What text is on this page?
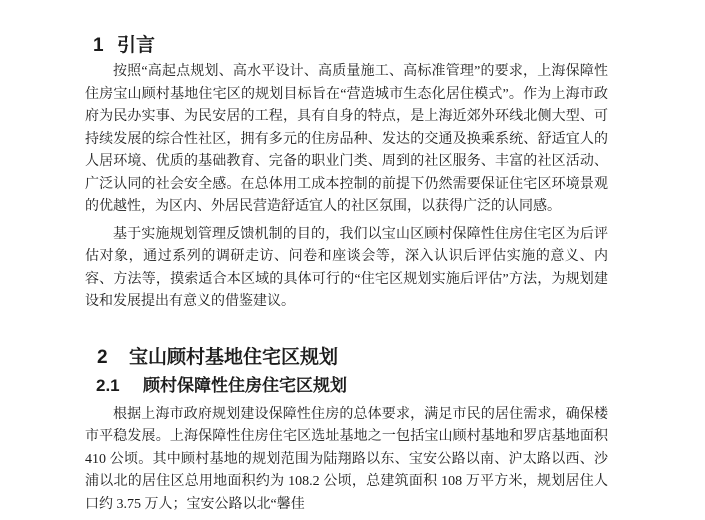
1 引言

按照“高起点规划、高水平设计、高质量施工、高标准管理”的要求，上海保障性住房宝山顾村基地住宅区的规划目标旨在“营造城市生态化居住模式”。作为上海市政府为民办实事、为民安居的工程，具有自身的特点，是上海近郊外环线北侧大型、可持续发展的综合性社区，拥有多元的住房品种、发达的交通及换乘系统、舒适宜人的人居环境、优质的基础教育、完备的职业门类、周到的社区服务、丰富的社区活动、广泛认同的社会安全感。在总体用工成本控制的前提下仍然需要保证住宅区环境景观的优越性，为区内、外居民营造舒适宜人的社区氛围，以获得广泛的认同感。

基于实施规划管理反馈机制的目的，我们以宝山区顾村保障性住房住宅区为后评估对象，通过系列的调研走访、问卷和座谈会等，深入认识后评估实施的意义、内容、方法等，摸索适合本区域的具体可行的“住宅区规划实施后评估”方法，为规划建设和发展提出有意义的借鉴建议。

2	宝山顾村基地住宅区规划
2.1	顾村保障性住房住宅区规划

根据上海市政府规划建设保障性住房的总体要求，满足市民的居住需求，确保楼市平稳发展。上海保障性住房住宅区选址基地之一包括宝山顾村基地和罗店基地面积 410 公顷。其中顾村基地的规划范围为陆翔路以东、宝安公路以南、沪太路以西、沙浦以北的居住区总用地面积约为 108.2 公顷，总建筑面积 108 万平方米，规划居住人口约 3.75 万人；宝安公路以北“馨佳
